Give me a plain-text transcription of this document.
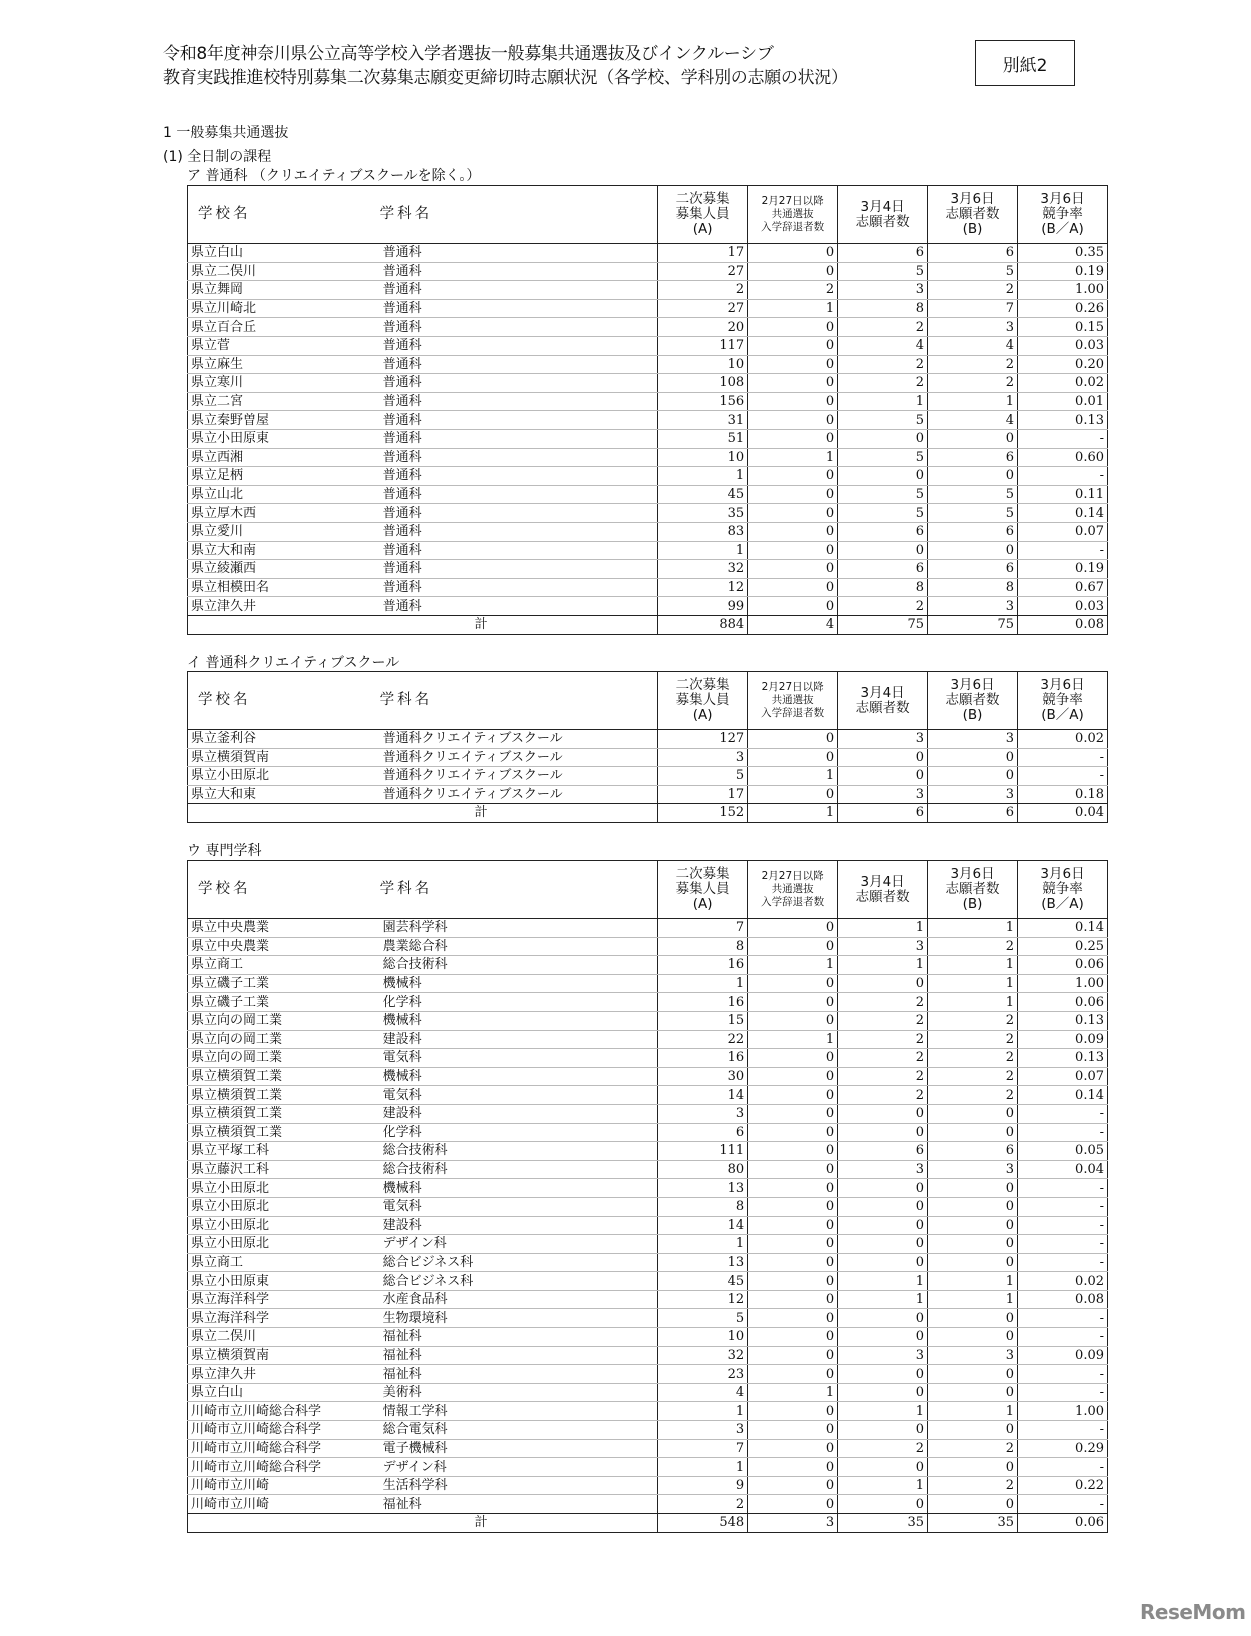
令和8年度神奈川県公立高等学校入学者選抜一般募集共通選抜及びインクルーシブ
教育実践推進校特別募集二次募集志願変更締切時志願状況（各学校、学科別の志願の状況）
別紙2
1 一般募集共通選抜
(1) 全日制の課程
ア 普通科 （クリエイティブスクールを除く。）
学校名	学科名	
二次募集
募集人員
(A)

2月27日以降
共通選抜
入学辞退者数

3月4日
志願者数

3月6日
志願者数
(B)

3月6日
競争率
(B／A)

県立白山	普通科	17	0	6	6	0.35
県立二俣川	普通科	27	0	5	5	0.19
県立舞岡	普通科	2	2	3	2	1.00
県立川崎北	普通科	27	1	8	7	0.26
県立百合丘	普通科	20	0	2	3	0.15
県立菅	普通科	117	0	4	4	0.03
県立麻生	普通科	10	0	2	2	0.20
県立寒川	普通科	108	0	2	2	0.02
県立二宮	普通科	156	0	1	1	0.01
県立秦野曽屋	普通科	31	0	5	4	0.13
県立小田原東	普通科	51	0	0	0	-
県立西湘	普通科	10	1	5	6	0.60
県立足柄	普通科	1	0	0	0	-
県立山北	普通科	45	0	5	5	0.11
県立厚木西	普通科	35	0	5	5	0.14
県立愛川	普通科	83	0	6	6	0.07
県立大和南	普通科	1	0	0	0	-
県立綾瀬西	普通科	32	0	6	6	0.19
県立相模田名	普通科	12	0	8	8	0.67
県立津久井	普通科	99	0	2	3	0.03
計		884	4	75	75	0.08
イ 普通科クリエイティブスクール
学校名	学科名	
二次募集
募集人員
(A)

2月27日以降
共通選抜
入学辞退者数

3月4日
志願者数

3月6日
志願者数
(B)

3月6日
競争率
(B／A)

県立釜利谷	普通科クリエイティブスクール	127	0	3	3	0.02
県立横須賀南	普通科クリエイティブスクール	3	0	0	0	-
県立小田原北	普通科クリエイティブスクール	5	1	0	0	-
県立大和東	普通科クリエイティブスクール	17	0	3	3	0.18
計		152	1	6	6	0.04
ウ 専門学科
学校名	学科名	
二次募集
募集人員
(A)

2月27日以降
共通選抜
入学辞退者数

3月4日
志願者数

3月6日
志願者数
(B)

3月6日
競争率
(B／A)

県立中央農業	園芸科学科	7	0	1	1	0.14
県立中央農業	農業総合科	8	0	3	2	0.25
県立商工	総合技術科	16	1	1	1	0.06
県立磯子工業	機械科	1	0	0	1	1.00
県立磯子工業	化学科	16	0	2	1	0.06
県立向の岡工業	機械科	15	0	2	2	0.13
県立向の岡工業	建設科	22	1	2	2	0.09
県立向の岡工業	電気科	16	0	2	2	0.13
県立横須賀工業	機械科	30	0	2	2	0.07
県立横須賀工業	電気科	14	0	2	2	0.14
県立横須賀工業	建設科	3	0	0	0	-
県立横須賀工業	化学科	6	0	0	0	-
県立平塚工科	総合技術科	111	0	6	6	0.05
県立藤沢工科	総合技術科	80	0	3	3	0.04
県立小田原北	機械科	13	0	0	0	-
県立小田原北	電気科	8	0	0	0	-
県立小田原北	建設科	14	0	0	0	-
県立小田原北	デザイン科	1	0	0	0	-
県立商工	総合ビジネス科	13	0	0	0	-
県立小田原東	総合ビジネス科	45	0	1	1	0.02
県立海洋科学	水産食品科	12	0	1	1	0.08
県立海洋科学	生物環境科	5	0	0	0	-
県立二俣川	福祉科	10	0	0	0	-
県立横須賀南	福祉科	32	0	3	3	0.09
県立津久井	福祉科	23	0	0	0	-
県立白山	美術科	4	1	0	0	-
川崎市立川崎総合科学	情報工学科	1	0	1	1	1.00
川崎市立川崎総合科学	総合電気科	3	0	0	0	-
川崎市立川崎総合科学	電子機械科	7	0	2	2	0.29
川崎市立川崎総合科学	デザイン科	1	0	0	0	-
川崎市立川崎	生活科学科	9	0	1	2	0.22
川崎市立川崎	福祉科	2	0	0	0	-
計		548	3	35	35	0.06
ReseMom
